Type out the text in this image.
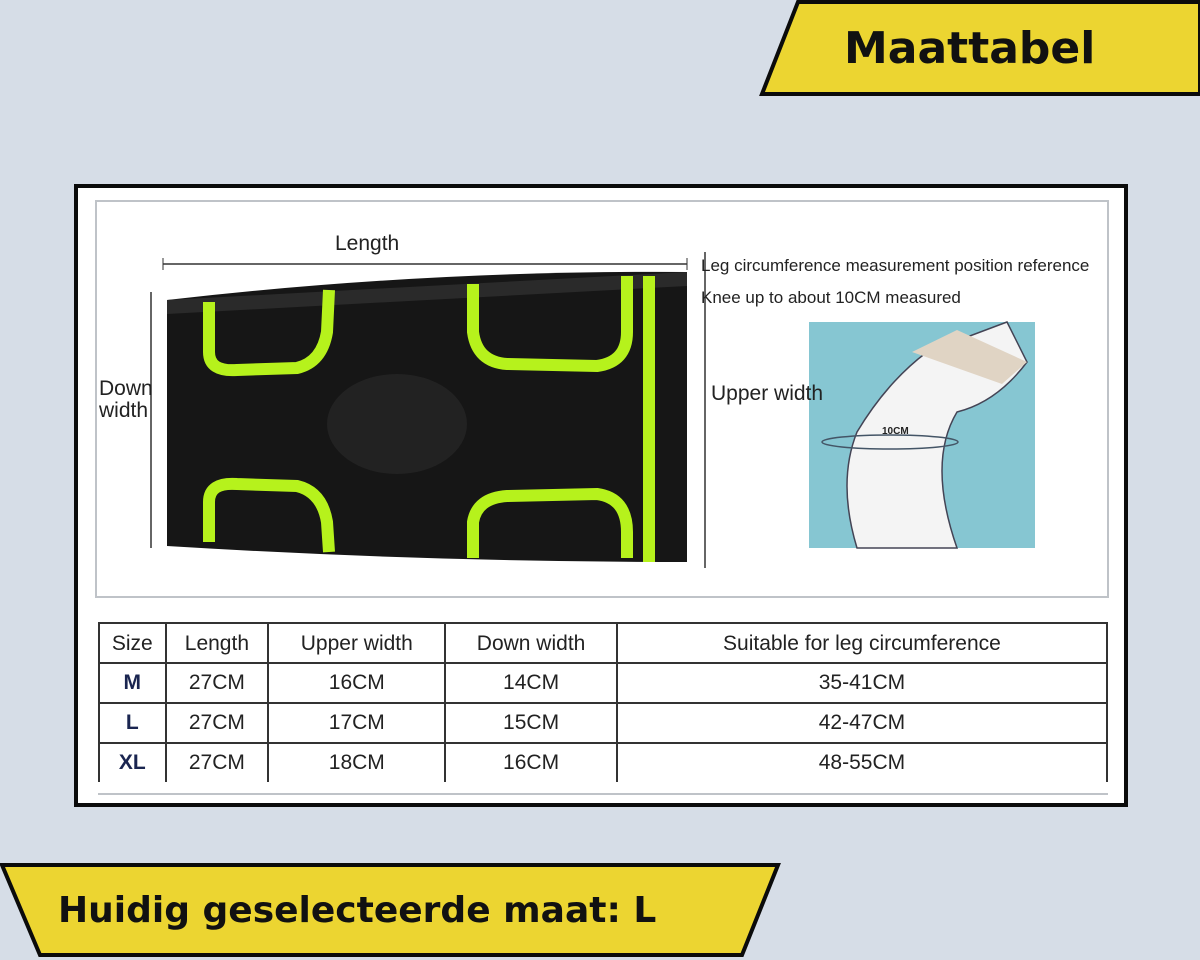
Maattabel
Length
Down width
Upper width
Leg circumference measurement position reference
Knee up to about 10CM measured
10CM
Size	Length	Upper width	Down width	Suitable for leg circumference
M	27CM	16CM	14CM	35-41CM
L	27CM	17CM	15CM	42-47CM
XL	27CM	18CM	16CM	48-55CM
Huidig geselecteerde maat: L
